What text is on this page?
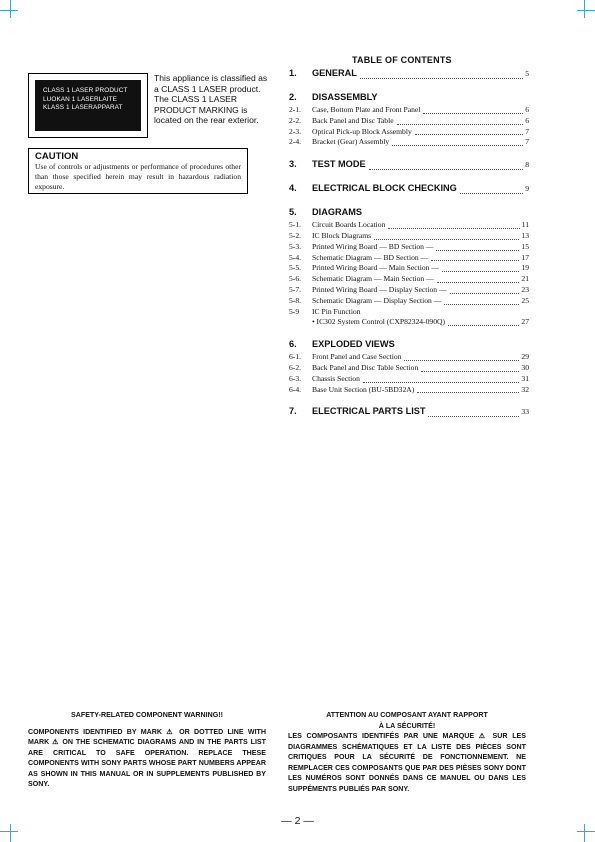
CLASS 1 LASER PRODUCT
LUOKAN 1 LASERLAITE
KLASS 1 LASERAPPARAT
This appliance is classified as a CLASS 1 LASER product. The CLASS 1 LASER PRODUCT MARKING is located on the rear exterior.
CAUTION
Use of controls or adjustments or performance of procedures other than those specified herein may result in hazardous radiation exposure.
TABLE OF CONTENTS
1.	GENERAL	5
2.	DISASSEMBLY
2-1.	Case, Bottom Plate and Front Panel	6
2-2.	Back Panel and Disc Table	6
2-3.	Optical Pick-up Block Assembly	7
2-4.	Bracket (Gear) Assembly	7
3.	TEST MODE	8
4.	ELECTRICAL BLOCK CHECKING	9
5.	DIAGRAMS
5-1.	Circuit Boards Location	11
5-2.	IC Block Diagrams	13
5-3.	Printed Wiring Board — BD Section —	15
5-4.	Schematic Diagram — BD Section —	17
5-5.	Printed Wiring Board — Main Section —	19
5-6.	Schematic Diagram — Main Section —	21
5-7.	Printed Wiring Board — Display Section —	23
5-8.	Schematic Diagram — Display Section —	25
5-9	IC Pin Function
• IC302 System Control (CXP82324-090Q)	27
6.	EXPLODED VIEWS
6-1.	Front Panel and Case Section	29
6-2.	Back Panel and Disc Table Section	30
6-3.	Chassis Section	31
6-4.	Base Unit Section (BU-5BD32A)	32
7.	ELECTRICAL PARTS LIST	33
SAFETY-RELATED COMPONENT WARNING!!
COMPONENTS IDENTIFIED BY MARK ⚠ OR DOTTED LINE WITH MARK ⚠ ON THE SCHEMATIC DIAGRAMS AND IN THE PARTS LIST ARE CRITICAL TO SAFE OPERATION. REPLACE THESE COMPONENTS WITH SONY PARTS WHOSE PART NUMBERS APPEAR AS SHOWN IN THIS MANUAL OR IN SUPPLEMENTS PUBLISHED BY SONY.
ATTENTION AU COMPOSANT AYANT RAPPORT
À LA SÉCURITÉ!
LES COMPOSANTS IDENTIFÉS PAR UNE MARQUE ⚠ SUR LES DIAGRAMMES SCHÉMATIQUES ET LA LISTE DES PIÈCES SONT CRITIQUES POUR LA SÉCURITÉ DE FONCTIONNEMENT. NE REMPLACER CES COMPOSANTS QUE PAR DES PIÈSES SONY DONT LES NUMÉROS SONT DONNÉS DANS CE MANUEL OU DANS LES SUPPÉMENTS PUBLIÉS PAR SONY.
— 2 —
